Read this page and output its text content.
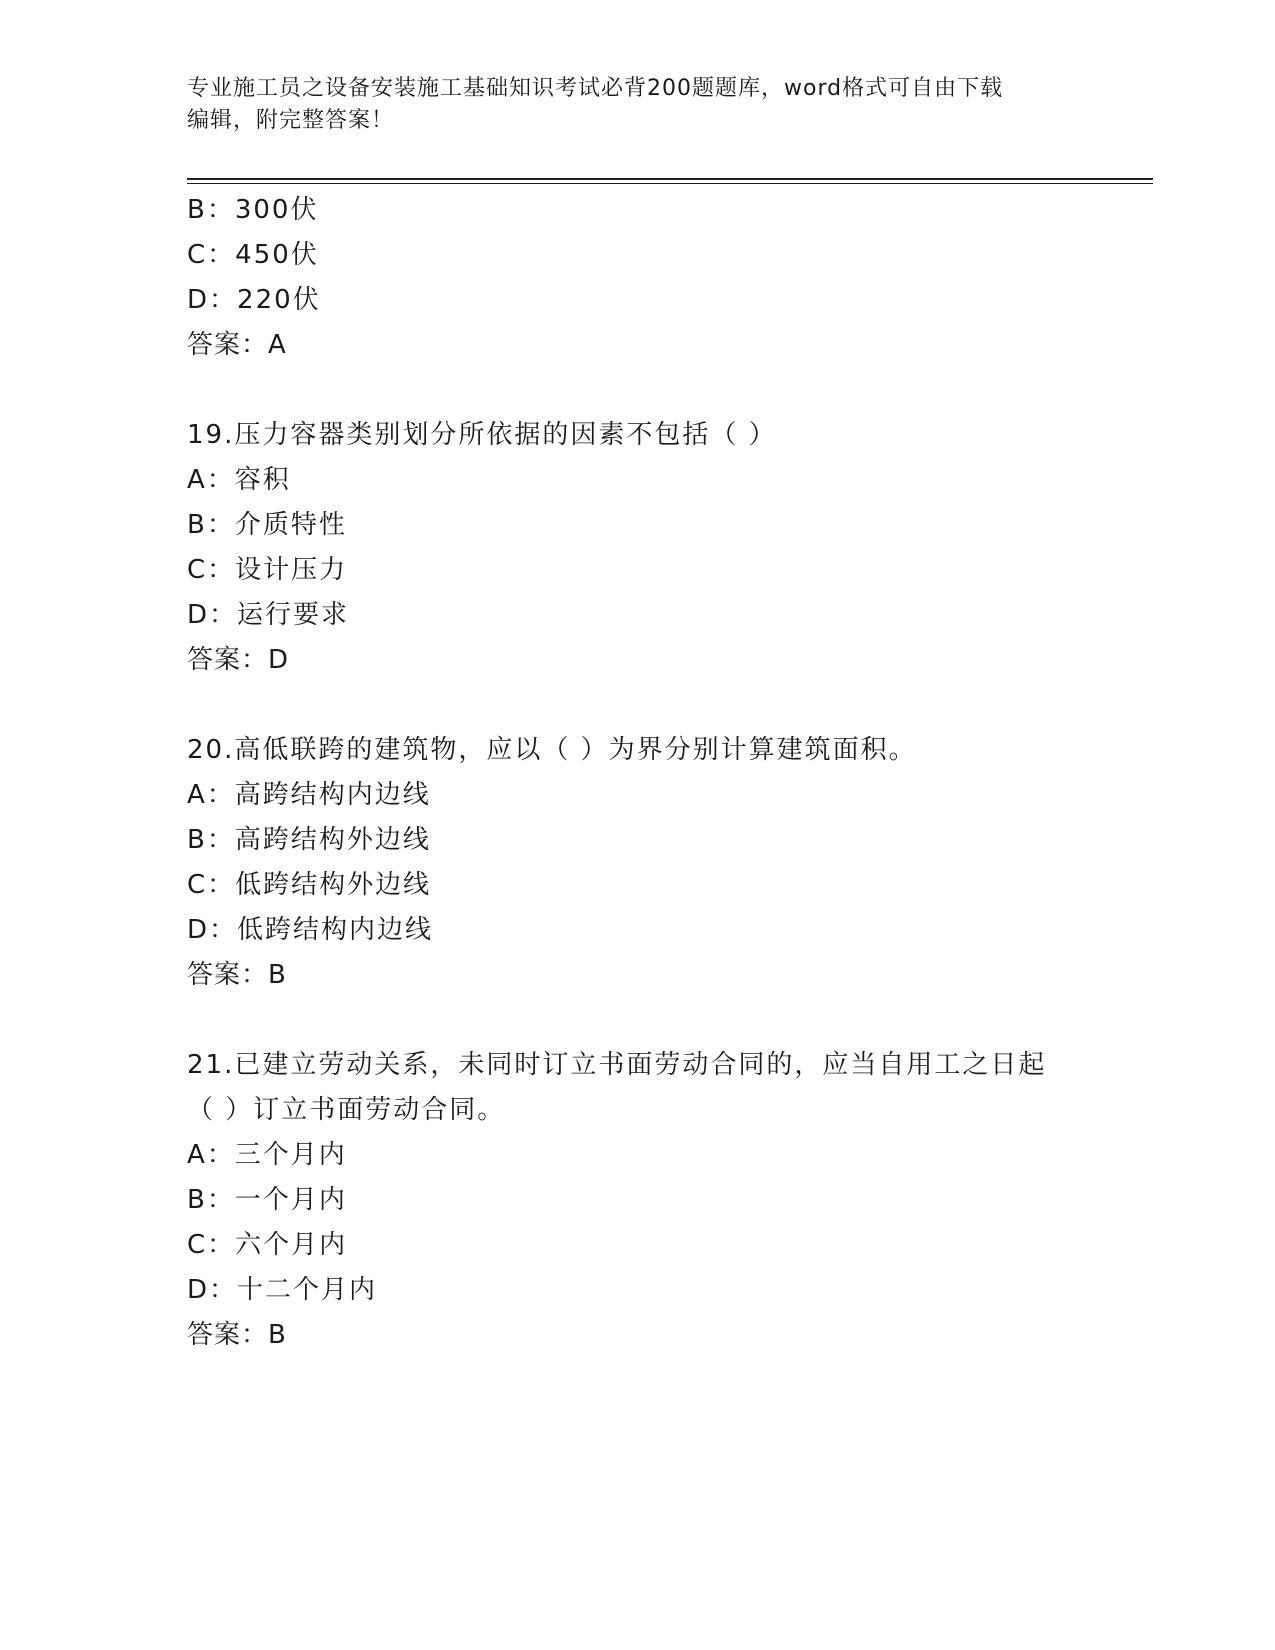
专业施工员之设备安装施工基础知识考试必背200题题库，word格式可自由下载
编辑，附完整答案！
B：300伏
C：450伏
D：220伏
答案：A
19.压力容器类别划分所依据的因素不包括（ ）
A：容积
B：介质特性
C：设计压力
D：运行要求
答案：D
20.高低联跨的建筑物，应以（ ）为界分别计算建筑面积。
A：高跨结构内边线
B：高跨结构外边线
C：低跨结构外边线
D：低跨结构内边线
答案：B
21.已建立劳动关系，未同时订立书面劳动合同的，应当自用工之日起
（ ）订立书面劳动合同。
A：三个月内
B：一个月内
C：六个月内
D：十二个月内
答案：B
